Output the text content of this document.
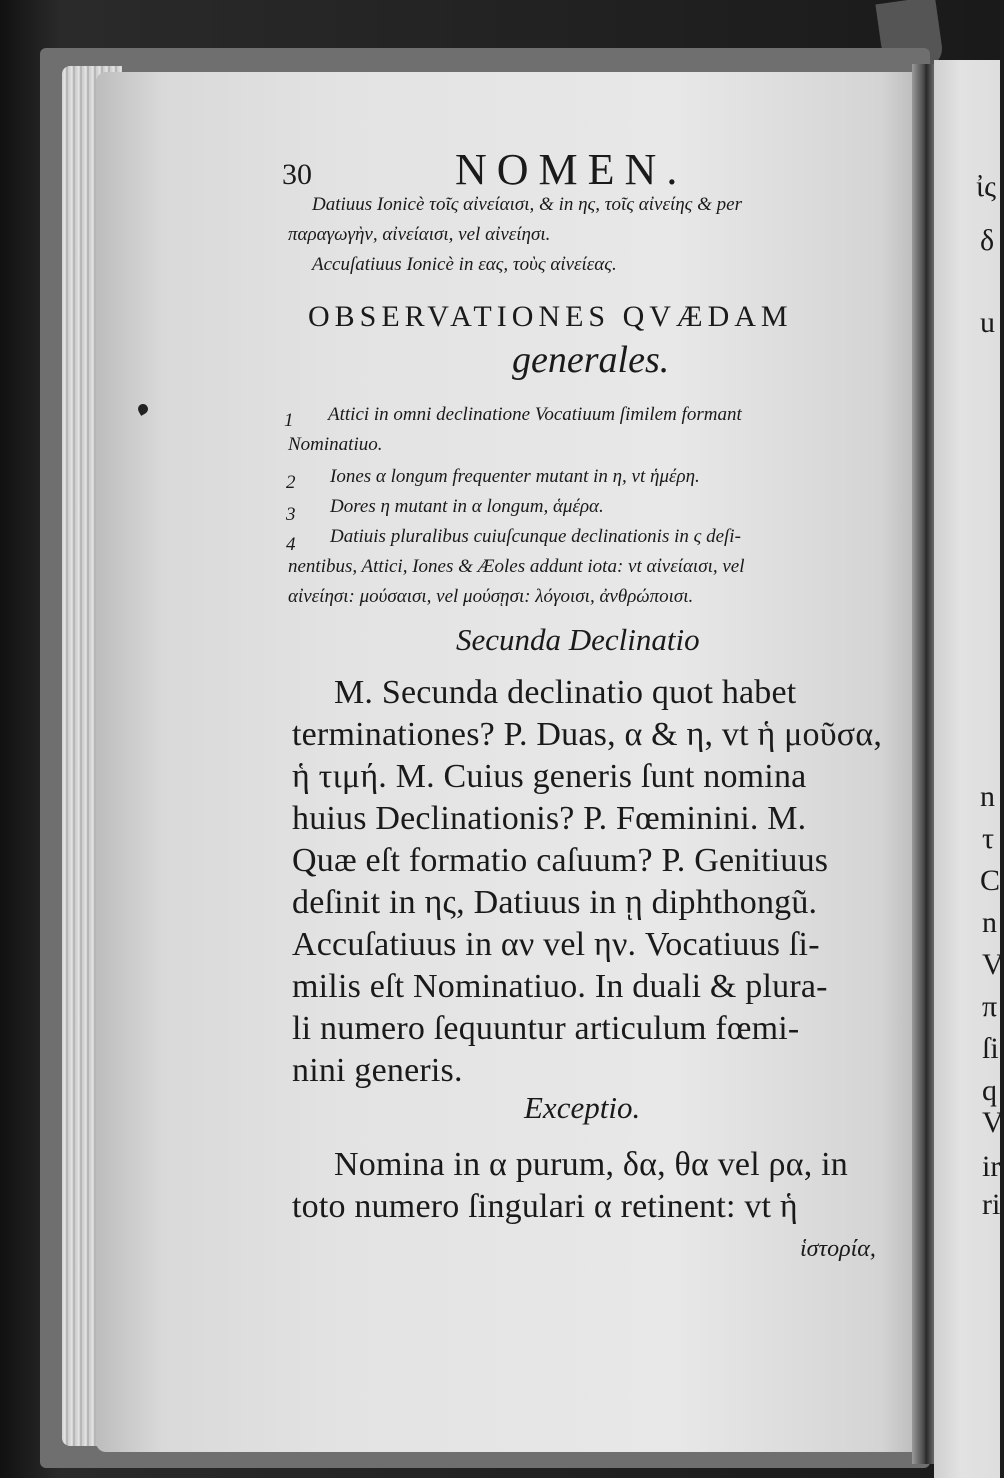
30	NOMEN.

Datiuus Ionicè τοῖς αἰνείαισι, & in ης, τοῖς αἰνείης & per

παραγωγὴν, αἰνείαισι, vel αἰνείησι.

Accuſatiuus Ionicè in εας, τοὺς αἰνείεας.

OBSERVATIONES QVÆDAM

generales.

1 Attici in omni declinatione Vocatiuum ſimilem formant

Nominatiuo.

2 Iones α longum frequenter mutant in η, vt ἡμέρη.

3 Dores η mutant in α longum, ἁμέρα.

4 Datiuis pluralibus cuiuſcunque declinationis in ς deſi-

nentibus, Attici, Iones & Æoles addunt iota: vt αἰνείαισι, vel

αἰνείησι: μούσαισι, vel μούσῃσι: λόγοισι, ἀνθρώποισι.

Secunda Declinatio

M. Secunda declinatio quot habet

terminationes? P. Duas, α & η, vt ἡ μοῦσα,

ἡ τιμή. M. Cuius generis ſunt nomina

huius Declinationis? P. Fœminini. M.

Quæ eſt formatio caſuum? P. Genitiuus

deſinit in ης, Datiuus in ῃ diphthongũ.

Accuſatiuus in αν vel ην. Vocatiuus ſi-

milis eſt Nominatiuo. In duali & plura-

li numero ſequuntur articulum fœmi-

nini generis.

Exceptio.

Nomina in α purum, δα, θα vel ρα, in

toto numero ſingulari α retinent: vt ἡ

ἱστορία,

ἰς

δ

u

n

τ

C

n

V

π

ſi

q

V

ir

ri
